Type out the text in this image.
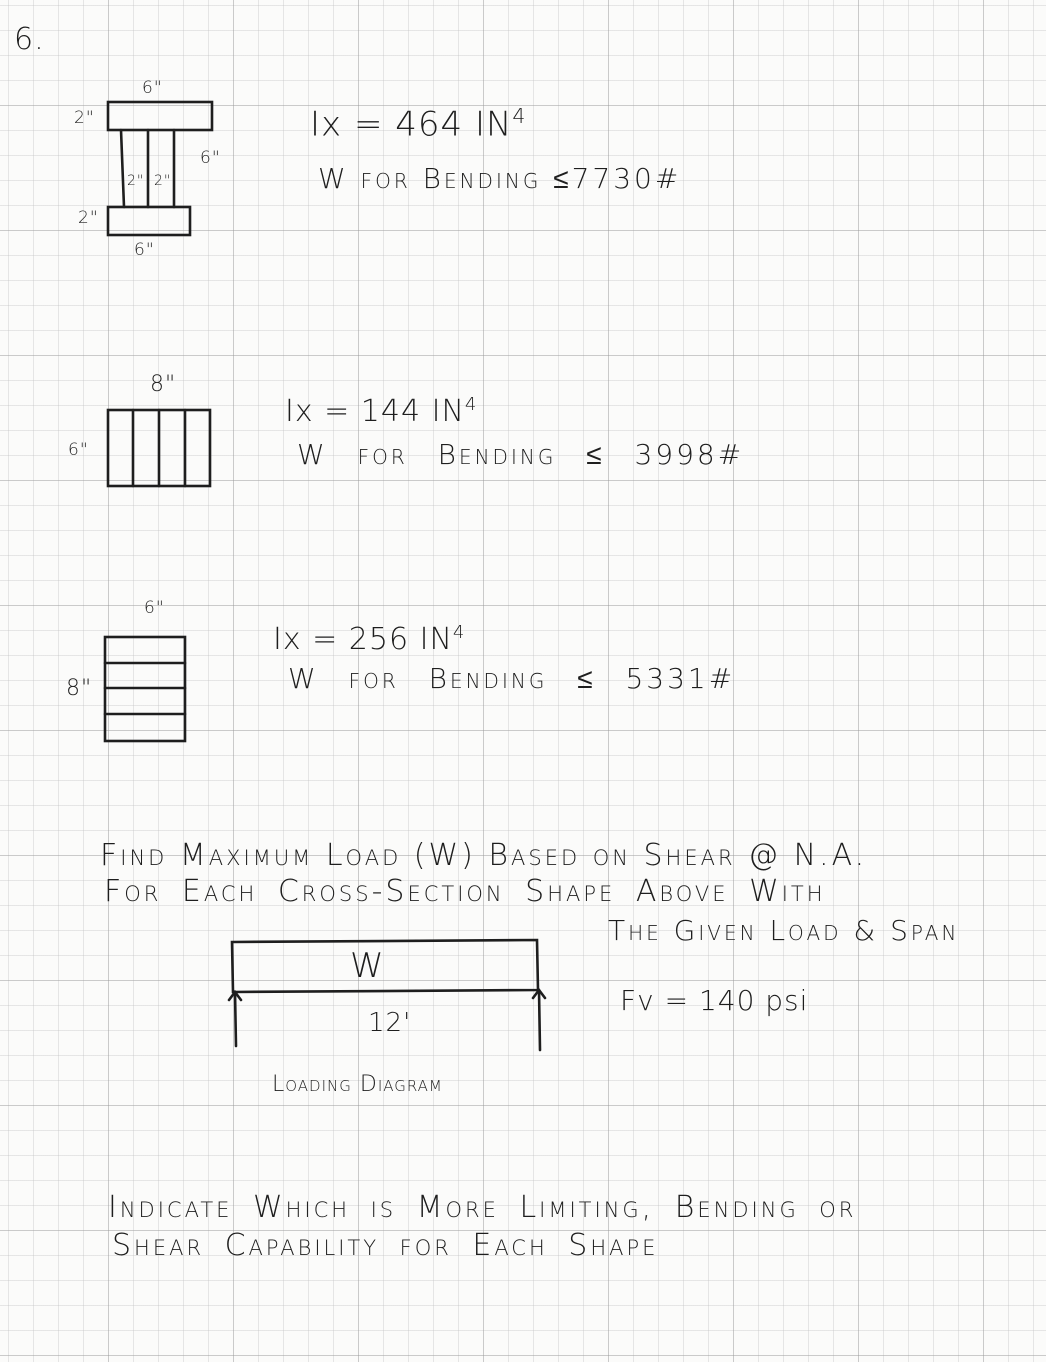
6.
6"
2"
6"
2" 2"
2"
6"
Ix = 464 $IN^4$
W for Bending ≤7730#
8"
6"
Ix = 144 $IN^4$
W for Bending ≤ 3998#
6"
8"
Ix = 256 $IN^4$
W for Bending ≤ 5331#
Find Maximum Load (W) Based on Shear @ N.A.
For Each Cross-Section Shape Above With
The Given Load & Span
W
12'
Loading Diagram
Fv = 140 psi
Indicate Which is More Limiting, Bending or
Shear Capability for Each Shape
